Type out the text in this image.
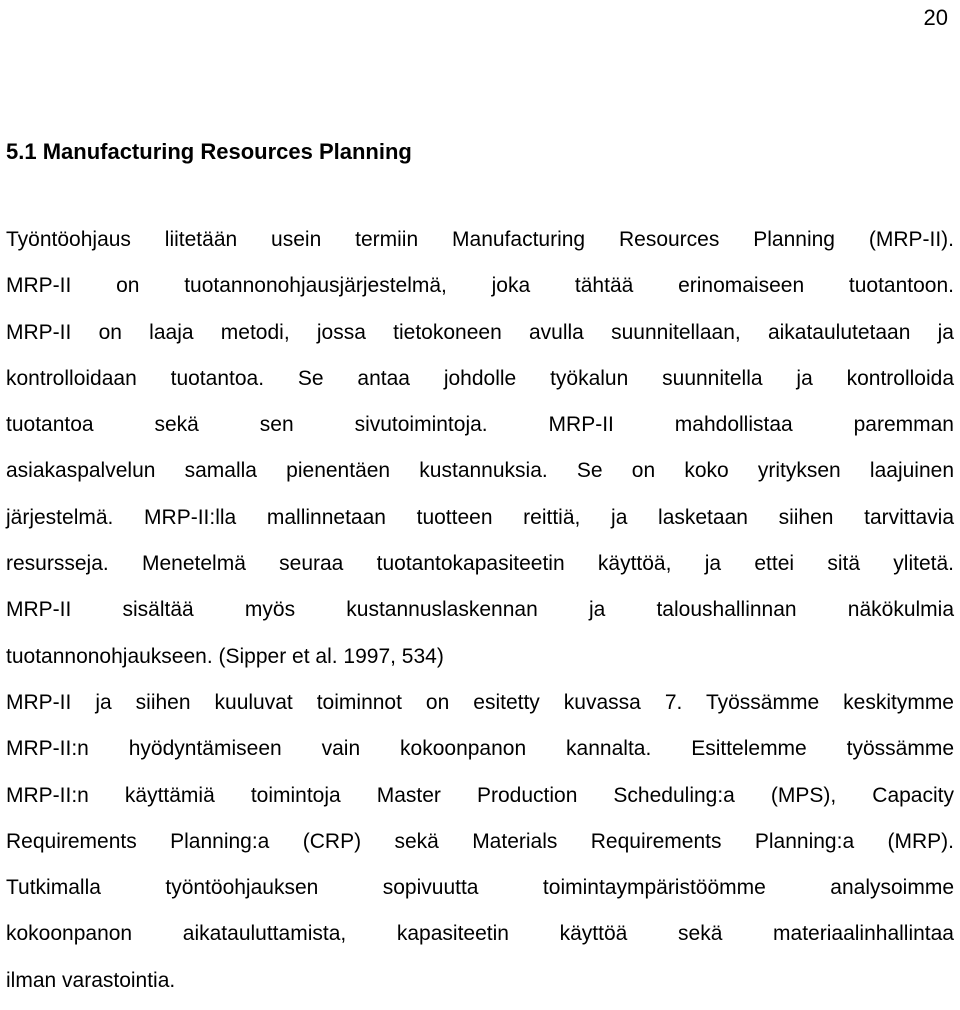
20
5.1 Manufacturing Resources Planning
Työntöohjaus liitetään usein termiin Manufacturing Resources Planning (MRP-II).
MRP-II on tuotannonohjausjärjestelmä, joka tähtää erinomaiseen tuotantoon.
MRP-II on laaja metodi, jossa tietokoneen avulla suunnitellaan, aikataulutetaan ja
kontrolloidaan tuotantoa. Se antaa johdolle työkalun suunnitella ja kontrolloida
tuotantoa sekä sen sivutoimintoja. MRP-II mahdollistaa paremman
asiakaspalvelun samalla pienentäen kustannuksia. Se on koko yrityksen laajuinen
järjestelmä. MRP-II:lla mallinnetaan tuotteen reittiä, ja lasketaan siihen tarvittavia
resursseja. Menetelmä seuraa tuotantokapasiteetin käyttöä, ja ettei sitä ylitetä.
MRP-II sisältää myös kustannuslaskennan ja taloushallinnan näkökulmia
tuotannonohjaukseen. (Sipper et al. 1997, 534)
MRP-II ja siihen kuuluvat toiminnot on esitetty kuvassa 7. Työssämme keskitymme
MRP-II:n hyödyntämiseen vain kokoonpanon kannalta. Esittelemme työssämme
MRP-II:n käyttämiä toimintoja Master Production Scheduling:a (MPS), Capacity
Requirements Planning:a (CRP) sekä Materials Requirements Planning:a (MRP).
Tutkimalla työntöohjauksen sopivuutta toimintaympäristöömme analysoimme
kokoonpanon aikatauluttamista, kapasiteetin käyttöä sekä materiaalinhallintaa
ilman varastointia.
